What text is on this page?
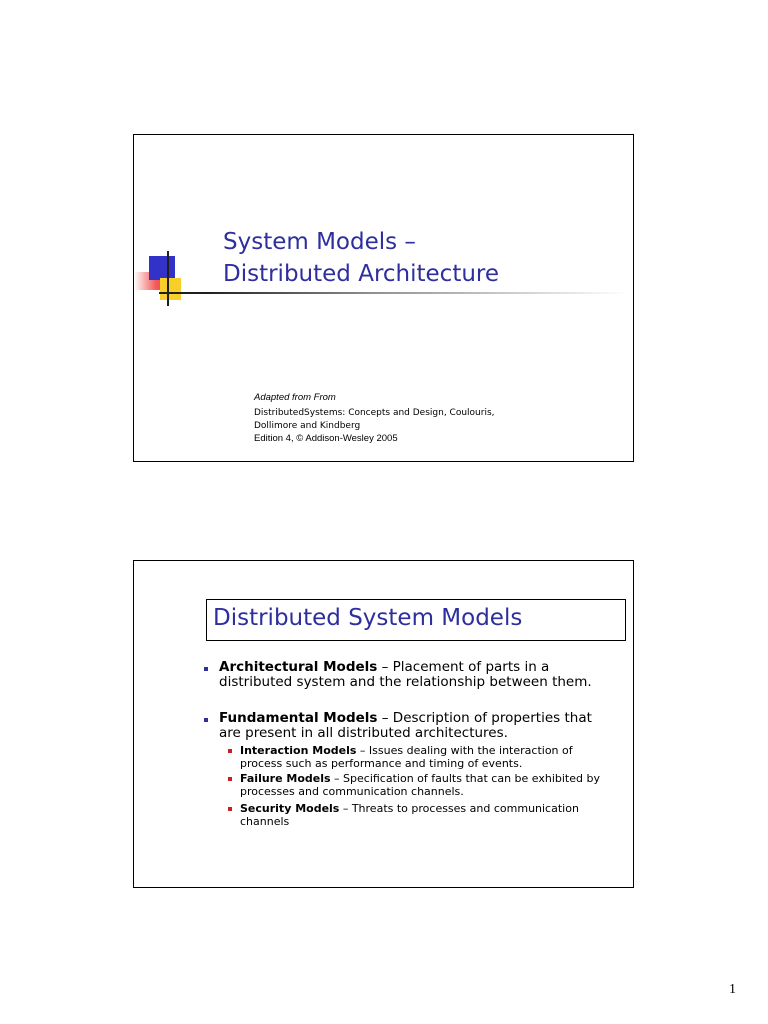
System Models –
Distributed Architecture
Adapted from From
DistributedSystems: Concepts and Design, Coulouris,
Dollimore and Kindberg
Edition 4, © Addison-Wesley 2005
Distributed System Models
Architectural Models – Placement of parts in a
distributed system and the relationship between them.
Fundamental Models – Description of properties that
are present in all distributed architectures.
Interaction Models – Issues dealing with the interaction of
process such as performance and timing of events.
Failure Models – Specification of faults that can be exhibited by
processes and communication channels.
Security Models – Threats to processes and communication
channels
1
